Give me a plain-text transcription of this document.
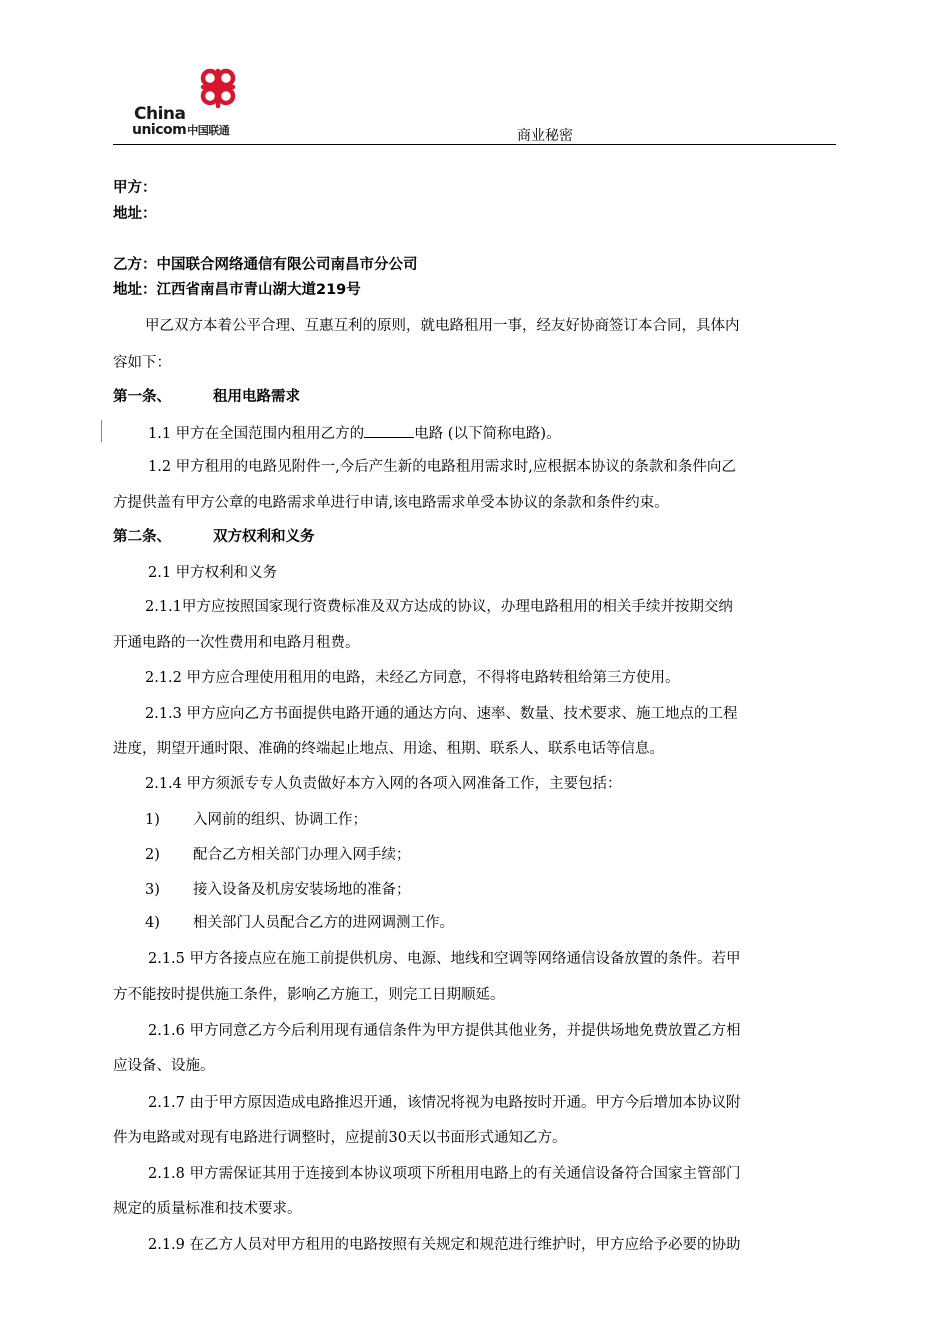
China
unicom中国联通	商业秘密
甲方：
地址：
乙方：中国联合网络通信有限公司南昌市分公司
地址：江西省南昌市青山湖大道219号
甲乙双方本着公平合理、互惠互利的原则，就电路租用一事，经友好协商签订本合同，具体内
容如下：
第一条、	租用电路需求
1.1 甲方在全国范围内租用乙方的	电路 (以下简称电路)。
1.2 甲方租用的电路见附件一,今后产生新的电路租用需求时,应根据本协议的条款和条件向乙
方提供盖有甲方公章的电路需求单进行申请,该电路需求单受本协议的条款和条件约束。
第二条、	双方权利和义务
2.1 甲方权利和义务
2.1.1甲方应按照国家现行资费标准及双方达成的协议，办理电路租用的相关手续并按期交纳
开通电路的一次性费用和电路月租费。
2.1.2 甲方应合理使用租用的电路，未经乙方同意，不得将电路转租给第三方使用。
2.1.3 甲方应向乙方书面提供电路开通的通达方向、速率、数量、技术要求、施工地点的工程
进度，期望开通时限、准确的终端起止地点、用途、租期、联系人、联系电话等信息。
2.1.4 甲方须派专专人负责做好本方入网的各项入网准备工作，主要包括：
1) 入网前的组织、协调工作；
2) 配合乙方相关部门办理入网手续；
3) 接入设备及机房安装场地的准备；
4) 相关部门人员配合乙方的进网调测工作。
2.1.5 甲方各接点应在施工前提供机房、电源、地线和空调等网络通信设备放置的条件。若甲
方不能按时提供施工条件，影响乙方施工，则完工日期顺延。
2.1.6 甲方同意乙方今后利用现有通信条件为甲方提供其他业务，并提供场地免费放置乙方相
应设备、设施。
2.1.7 由于甲方原因造成电路推迟开通，该情况将视为电路按时开通。甲方今后增加本协议附
件为电路或对现有电路进行调整时，应提前30天以书面形式通知乙方。
2.1.8 甲方需保证其用于连接到本协议项项下所租用电路上的有关通信设备符合国家主管部门
规定的质量标准和技术要求。
2.1.9 在乙方人员对甲方租用的电路按照有关规定和规范进行维护时，甲方应给予必要的协助
